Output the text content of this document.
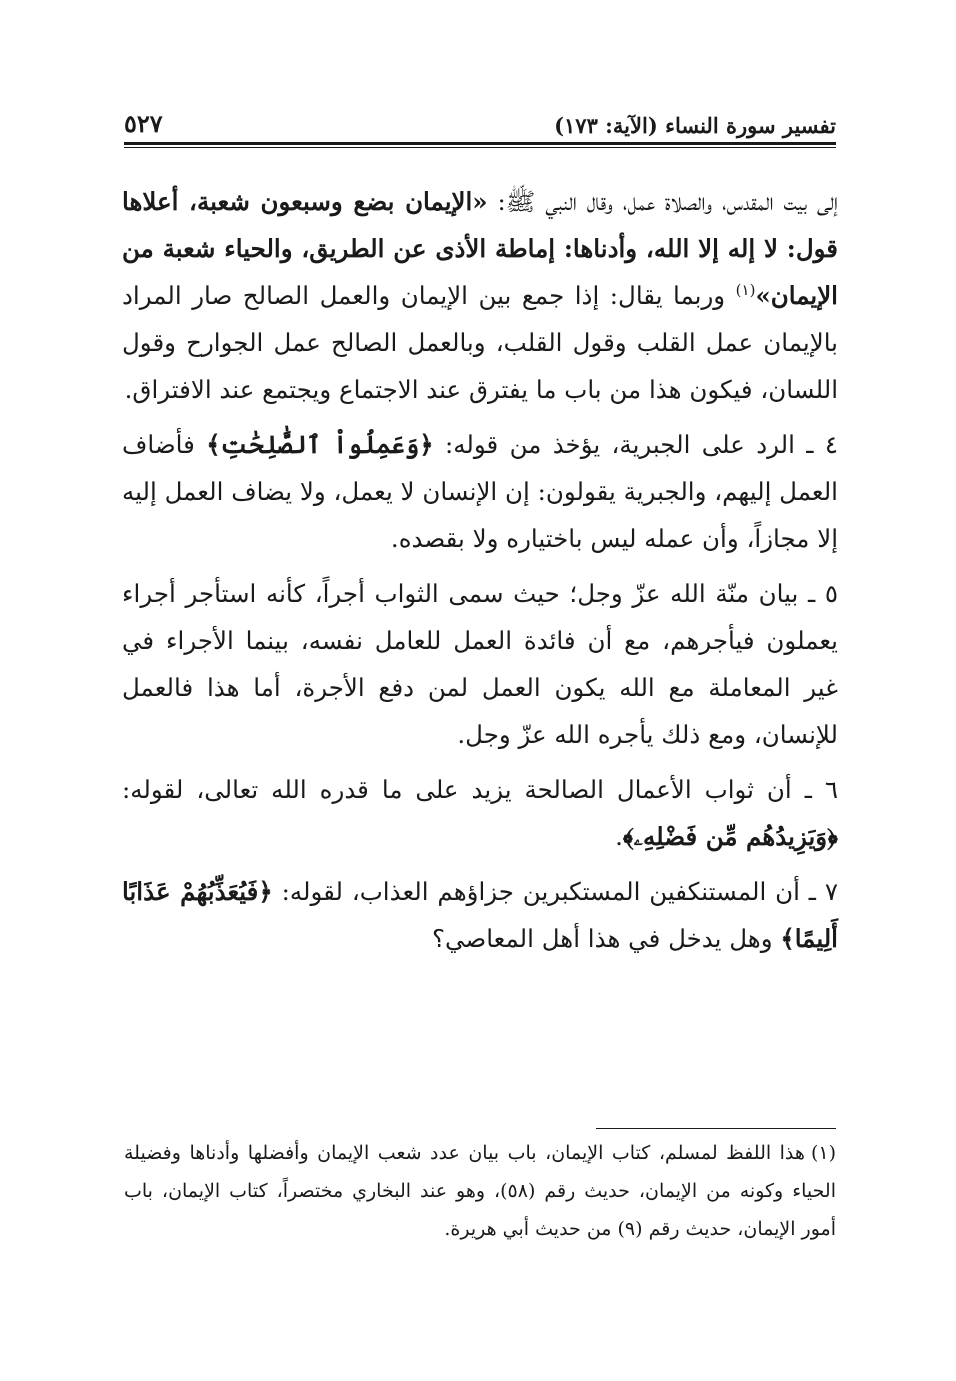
تفسير سورة النساء (الآية: ١٧٣)
٥٢٧

إلى بيت المقدس، والصلاة عمل، وقال النبي ﷺ: «الإيمان بضع وسبعون شعبة، أعلاها قول: لا إله إلا الله، وأدناها: إماطة الأذى عن الطريق، والحياء شعبة من الإيمان»$^{(١)}$ وربما يقال: إذا جمع بين الإيمان والعمل الصالح صار المراد بالإيمان عمل القلب وقول القلب، وبالعمل الصالح عمل الجوارح وقول اللسان، فيكون هذا من باب ما يفترق عند الاجتماع ويجتمع عند الافتراق.

٤ ـ الرد على الجبرية، يؤخذ من قوله: ﴿وَعَمِلُواْ ٱلصَّٰلِحَٰتِ﴾ فأضاف العمل إليهم، والجبرية يقولون: إن الإنسان لا يعمل، ولا يضاف العمل إليه إلا مجازاً، وأن عمله ليس باختياره ولا بقصده.

٥ ـ بيان منّة الله عزّ وجل؛ حيث سمى الثواب أجراً، كأنه استأجر أجراء يعملون فيأجرهم، مع أن فائدة العمل للعامل نفسه، بينما الأجراء في غير المعاملة مع الله يكون العمل لمن دفع الأجرة، أما هذا فالعمل للإنسان، ومع ذلك يأجره الله عزّ وجل.

٦ ـ أن ثواب الأعمال الصالحة يزيد على ما قدره الله تعالى، لقوله: ﴿وَيَزِيدُهُم مِّن فَضْلِهِۦ﴾.

٧ ـ أن المستنكفين المستكبرين جزاؤهم العذاب، لقوله: ﴿فَيُعَذِّبُهُمْ عَذَابًا أَلِيمًا﴾ وهل يدخل في هذا أهل المعاصي؟

(١)هذا اللفظ لمسلم، كتاب الإيمان، باب بيان عدد شعب الإيمان وأفضلها وأدناها وفضيلة الحياء وكونه من الإيمان، حديث رقم (٥٨)، وهو عند البخاري مختصراً، كتاب الإيمان، باب أمور الإيمان، حديث رقم (٩) من حديث أبي هريرة.
